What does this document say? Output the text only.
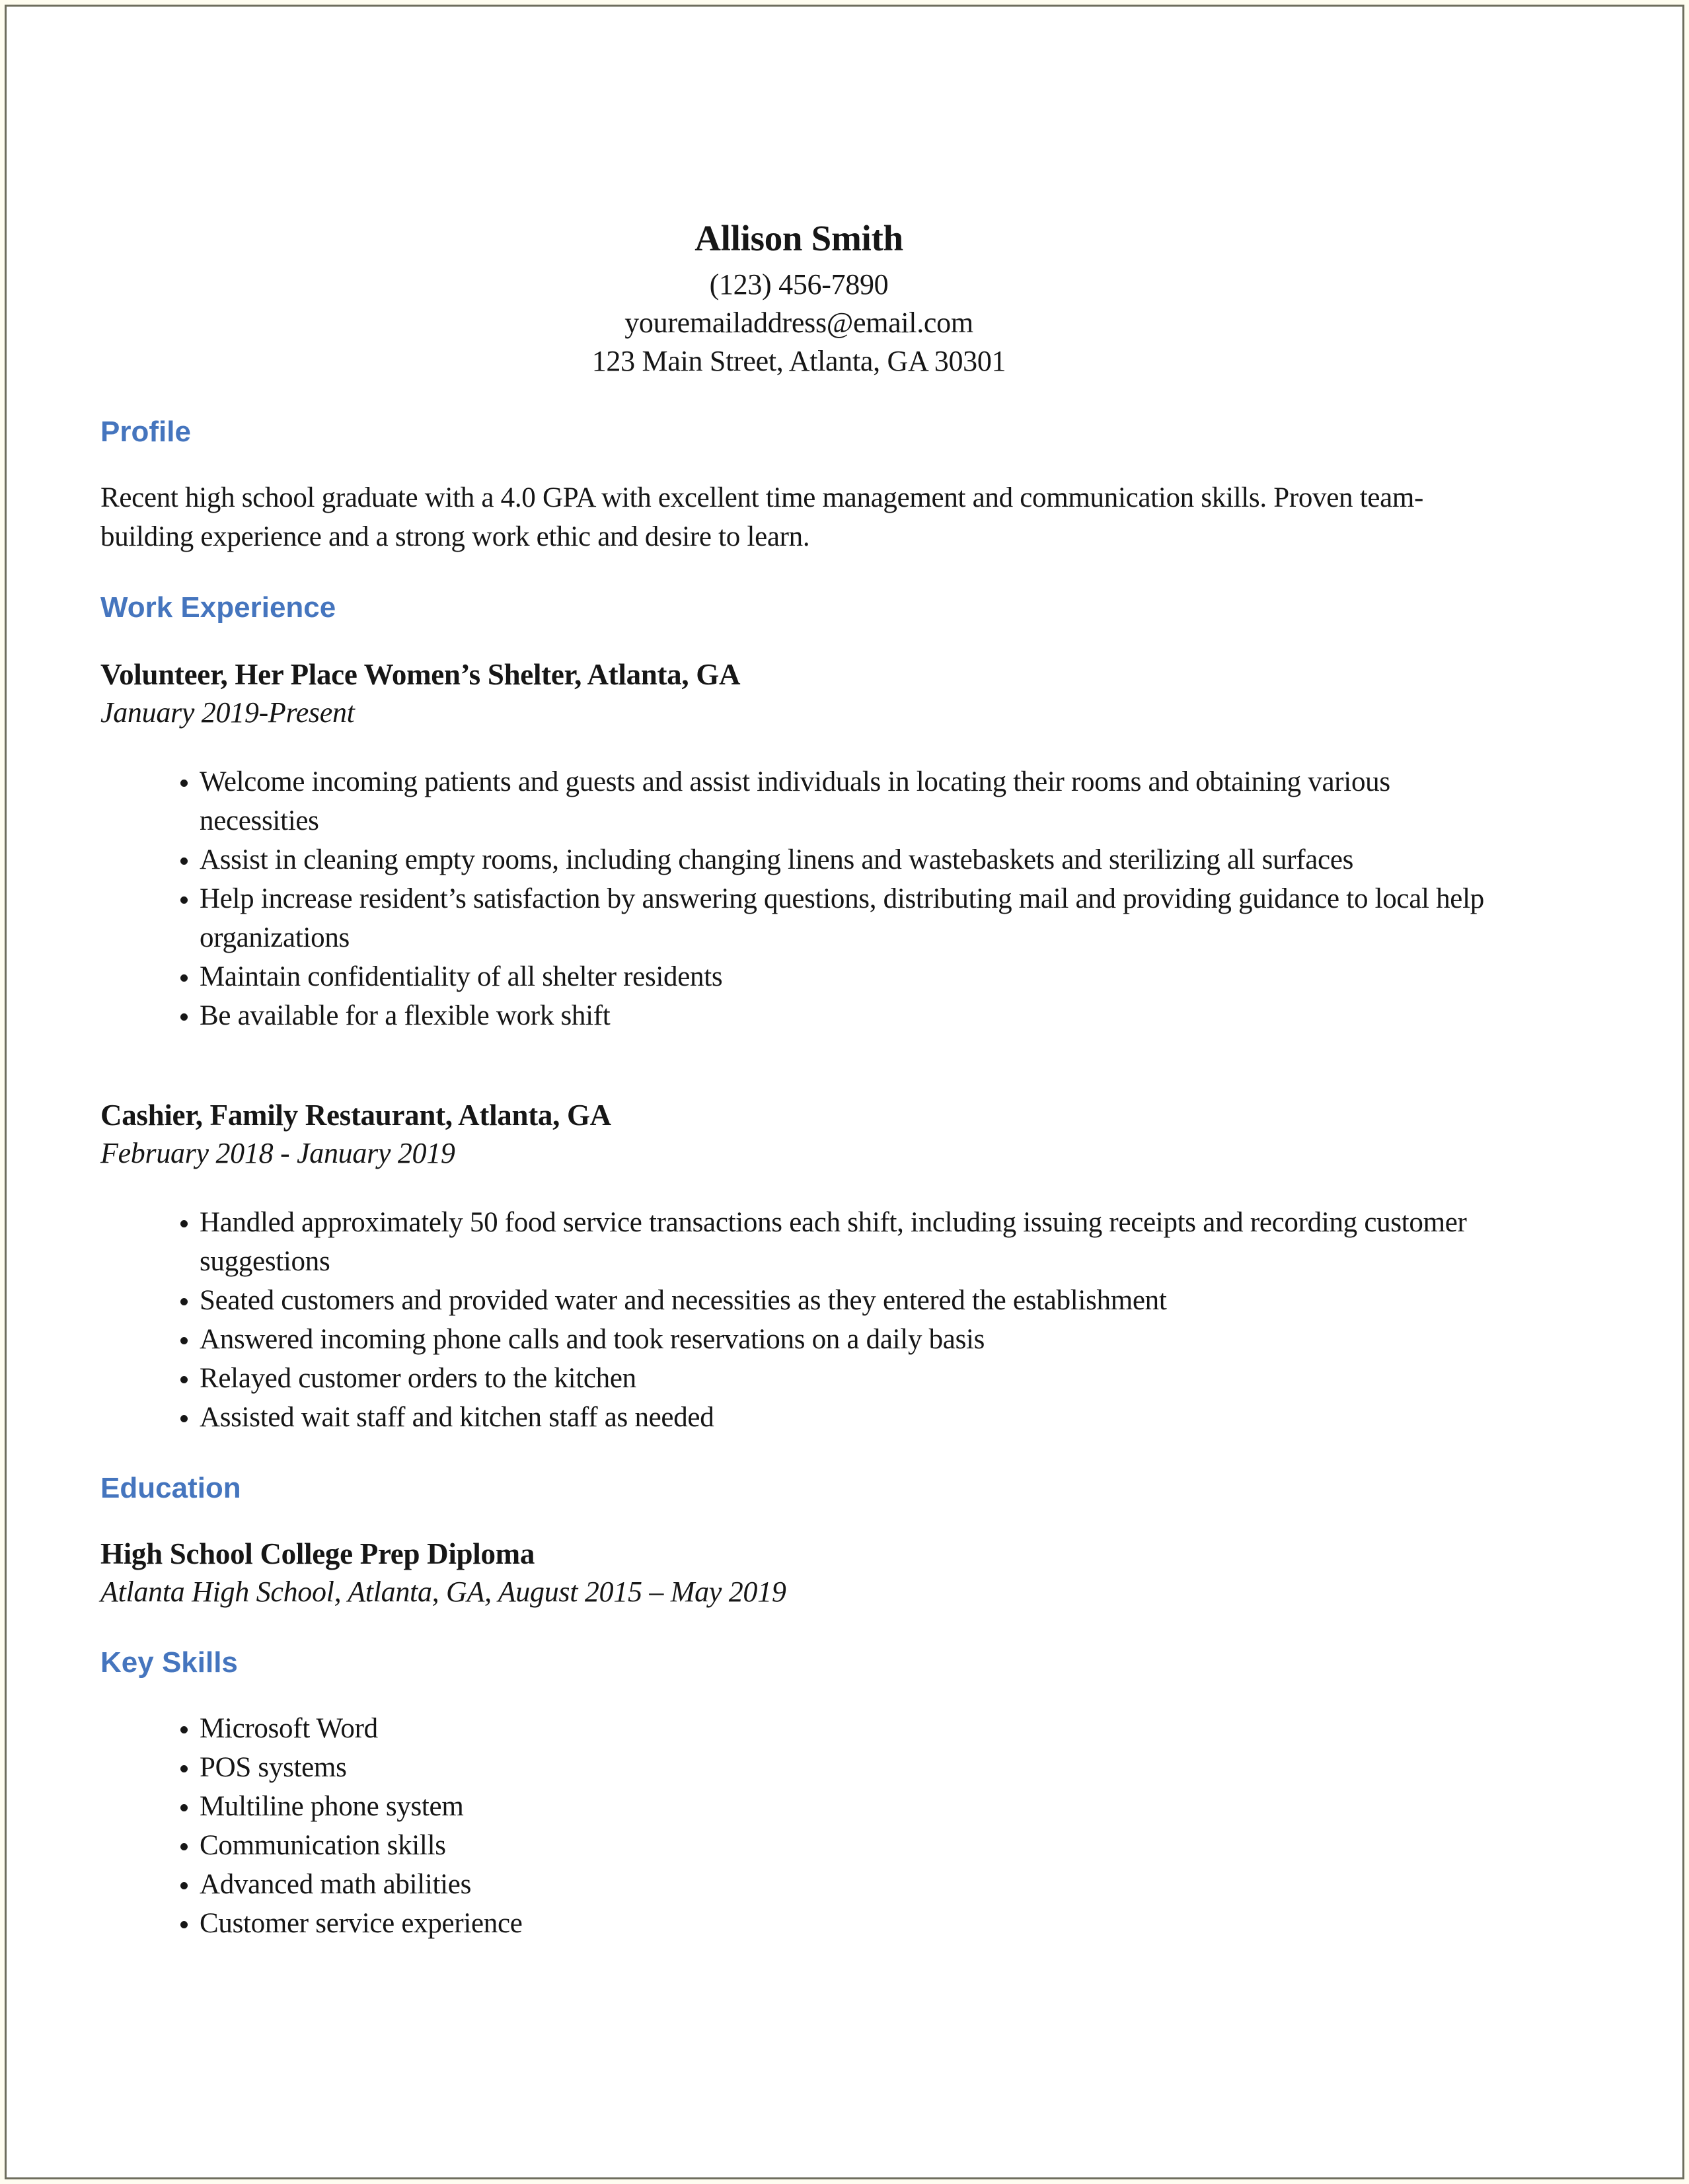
Allison Smith
(123) 456-7890
youremailaddress@email.com
123 Main Street, Atlanta, GA 30301
Profile

Recent high school graduate with a 4.0 GPA with excellent time management and communication skills. Proven team-building experience and a strong work ethic and desire to learn.

Work Experience
Volunteer, Her Place Women’s Shelter, Atlanta, GA
January 2019-Present
• Welcome incoming patients and guests and assist individuals in locating their rooms and obtaining various necessities
• Assist in cleaning empty rooms, including changing linens and wastebaskets and sterilizing all surfaces
• Help increase resident’s satisfaction by answering questions, distributing mail and providing guidance to local help organizations
• Maintain confidentiality of all shelter residents
• Be available for a flexible work shift
Cashier, Family Restaurant, Atlanta, GA
February 2018 - January 2019
• Handled approximately 50 food service transactions each shift, including issuing receipts and recording customer suggestions
• Seated customers and provided water and necessities as they entered the establishment
• Answered incoming phone calls and took reservations on a daily basis
• Relayed customer orders to the kitchen
• Assisted wait staff and kitchen staff as needed
Education
High School College Prep Diploma
Atlanta High School, Atlanta, GA, August 2015 – May 2019
Key Skills
• Microsoft Word
• POS systems
• Multiline phone system
• Communication skills
• Advanced math abilities
• Customer service experience
